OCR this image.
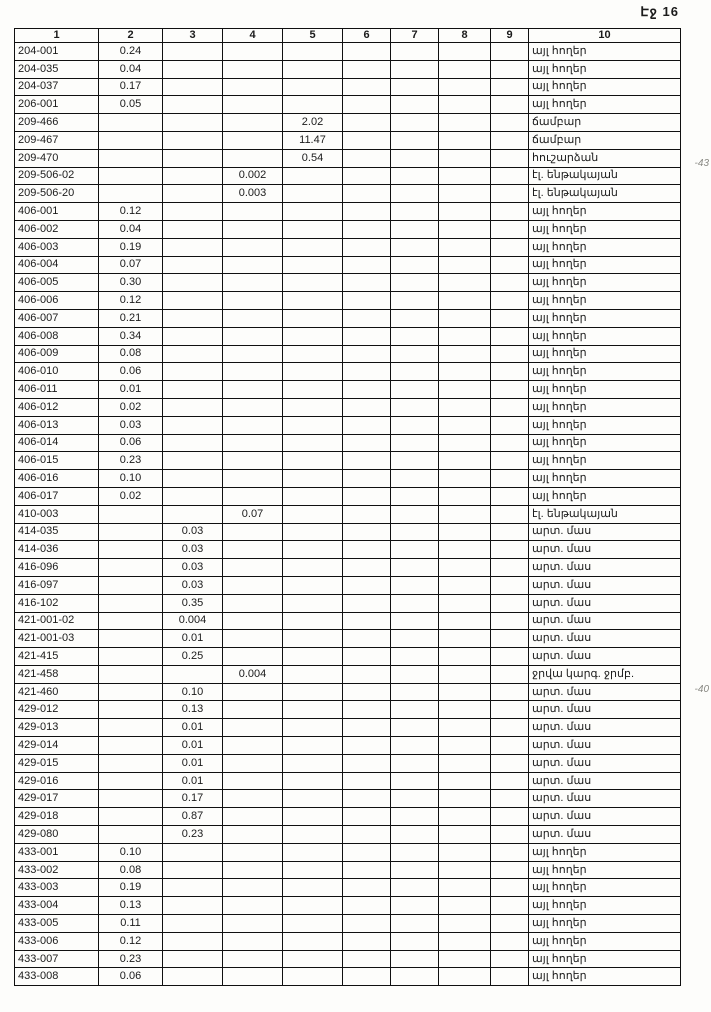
Էջ 16
-43
-40
1	2	3	4	5	6	7	8	9	10
204-001	0.24								այլ հողեր
204-035	0.04								այլ հողեր
204-037	0.17								այլ հողեր
206-001	0.05								այլ հողեր
209-466				2.02					ճամբար
209-467				11.47					ճամբար
209-470				0.54					հուշարձան
209-506-02			0.002						էլ. ենթակայան
209-506-20			0.003						էլ. ենթակայան
406-001	0.12								այլ հողեր
406-002	0.04								այլ հողեր
406-003	0.19								այլ հողեր
406-004	0.07								այլ հողեր
406-005	0.30								այլ հողեր
406-006	0.12								այլ հողեր
406-007	0.21								այլ հողեր
406-008	0.34								այլ հողեր
406-009	0.08								այլ հողեր
406-010	0.06								այլ հողեր
406-011	0.01								այլ հողեր
406-012	0.02								այլ հողեր
406-013	0.03								այլ հողեր
406-014	0.06								այլ հողեր
406-015	0.23								այլ հողեր
406-016	0.10								այլ հողեր
406-017	0.02								այլ հողեր
410-003			0.07						էլ. ենթակայան
414-035		0.03							արտ. մաս
414-036		0.03							արտ. մաս
416-096		0.03							արտ. մաս
416-097		0.03							արտ. մաս
416-102		0.35							արտ. մաս
421-001-02		0.004							արտ. մաս
421-001-03		0.01							արտ. մաս
421-415		0.25							արտ. մաս
421-458			0.004						ջրվա կարգ. ջրմբ.
421-460		0.10							արտ. մաս
429-012		0.13							արտ. մաս
429-013		0.01							արտ. մաս
429-014		0.01							արտ. մաս
429-015		0.01							արտ. մաս
429-016		0.01							արտ. մաս
429-017		0.17							արտ. մաս
429-018		0.87							արտ. մաս
429-080		0.23							արտ. մաս
433-001	0.10								այլ հողեր
433-002	0.08								այլ հողեր
433-003	0.19								այլ հողեր
433-004	0.13								այլ հողեր
433-005	0.11								այլ հողեր
433-006	0.12								այլ հողեր
433-007	0.23								այլ հողեր
433-008	0.06								այլ հողեր
